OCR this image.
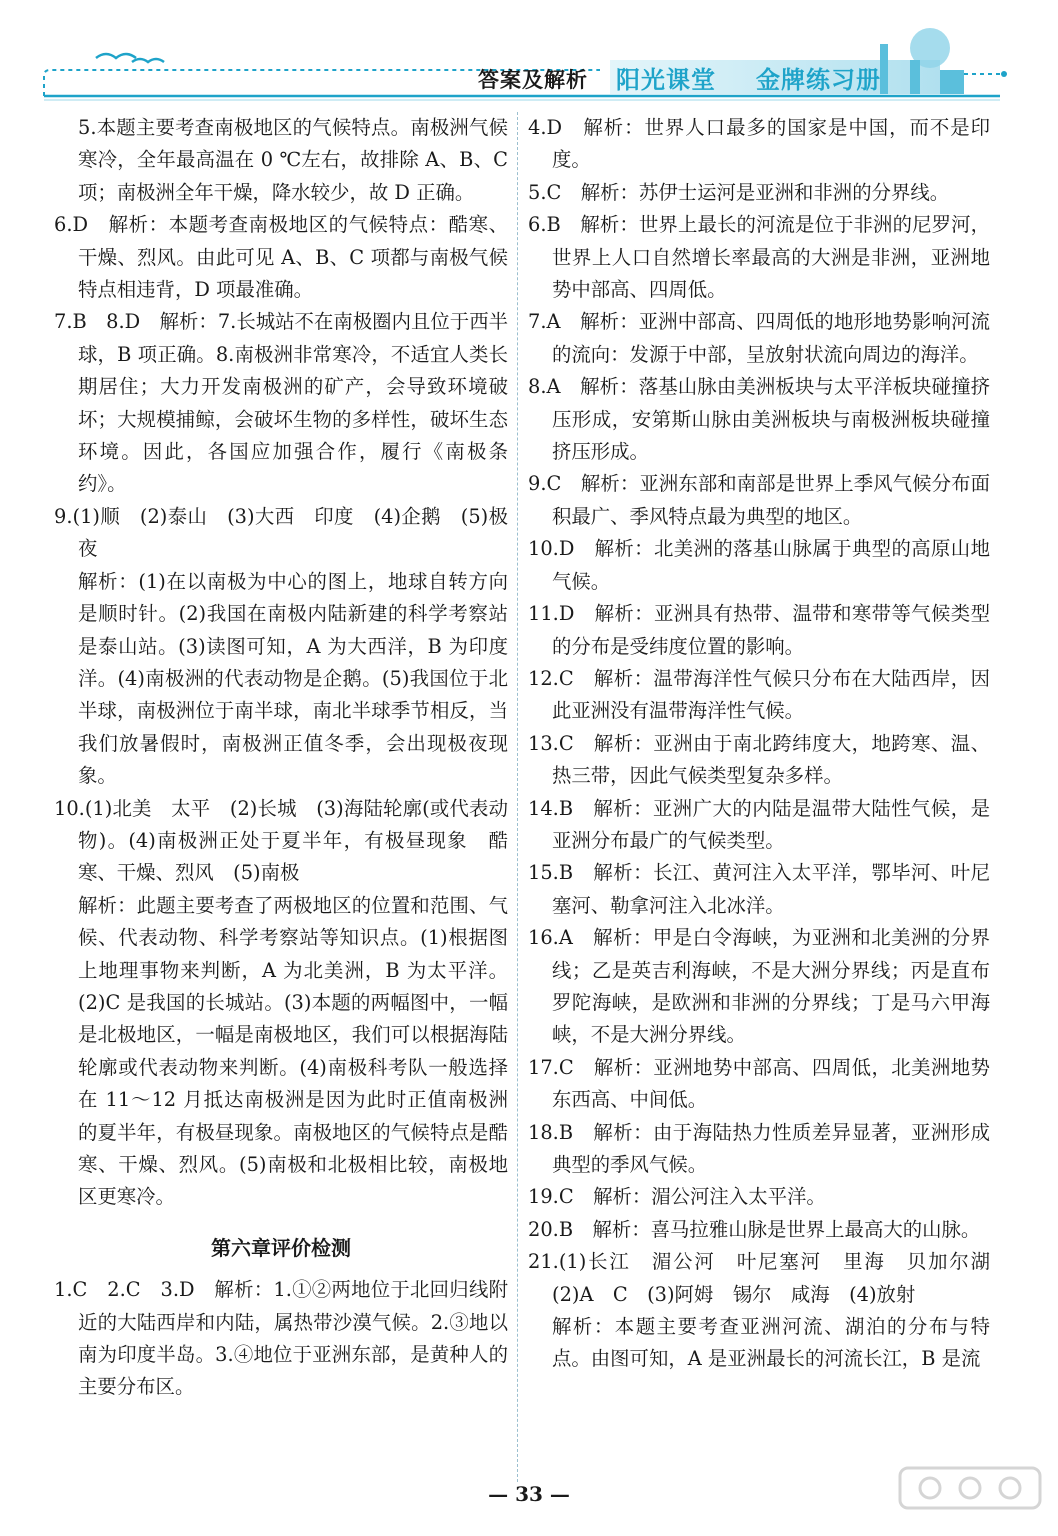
答案及解析 阳光课堂 金牌练习册

5.本题主要考查南极地区的气候特点。南极洲气候寒冷，全年最高温在 0 ℃左右，故排除 A、B、C 项；南极洲全年干燥，降水较少，故 D 正确。

6.D　解析：本题考查南极地区的气候特点：酷寒、干燥、烈风。由此可见 A、B、C 项都与南极气候特点相违背，D 项最准确。

7.B　8.D　解析：7.长城站不在南极圈内且位于西半球，B 项正确。8.南极洲非常寒冷，不适宜人类长期居住；大力开发南极洲的矿产，会导致环境破坏；大规模捕鲸，会破坏生物的多样性，破坏生态环境。因此，各国应加强合作，履行《南极条约》。

9.(1)顺　(2)泰山　(3)大西　印度　(4)企鹅　(5)极夜

解析：(1)在以南极为中心的图上，地球自转方向是顺时针。(2)我国在南极内陆新建的科学考察站是泰山站。(3)读图可知，A 为大西洋，B 为印度洋。(4)南极洲的代表动物是企鹅。(5)我国位于北半球，南极洲位于南半球，南北半球季节相反，当我们放暑假时，南极洲正值冬季，会出现极夜现象。

10.(1)北美　太平　(2)长城　(3)海陆轮廓(或代表动物)。(4)南极洲正处于夏半年，有极昼现象　酷寒、干燥、烈风　(5)南极

解析：此题主要考查了两极地区的位置和范围、气候、代表动物、科学考察站等知识点。(1)根据图上地理事物来判断，A 为北美洲，B 为太平洋。(2)C 是我国的长城站。(3)本题的两幅图中，一幅是北极地区，一幅是南极地区，我们可以根据海陆轮廓或代表动物来判断。(4)南极科考队一般选择在 11～12 月抵达南极洲是因为此时正值南极洲的夏半年，有极昼现象。南极地区的气候特点是酷寒、干燥、烈风。(5)南极和北极相比较，南极地区更寒冷。

第六章评价检测

1.C　2.C　3.D　解析：1.①②两地位于北回归线附近的大陆西岸和内陆，属热带沙漠气候。2.③地以南为印度半岛。3.④地位于亚洲东部，是黄种人的主要分布区。

4.D　解析：世界人口最多的国家是中国，而不是印度。

5.C　解析：苏伊士运河是亚洲和非洲的分界线。

6.B　解析：世界上最长的河流是位于非洲的尼罗河，世界上人口自然增长率最高的大洲是非洲，亚洲地势中部高、四周低。

7.A　解析：亚洲中部高、四周低的地形地势影响河流的流向：发源于中部，呈放射状流向周边的海洋。

8.A　解析：落基山脉由美洲板块与太平洋板块碰撞挤压形成，安第斯山脉由美洲板块与南极洲板块碰撞挤压形成。

9.C　解析：亚洲东部和南部是世界上季风气候分布面积最广、季风特点最为典型的地区。

10.D　解析：北美洲的落基山脉属于典型的高原山地气候。

11.D　解析：亚洲具有热带、温带和寒带等气候类型的分布是受纬度位置的影响。

12.C　解析：温带海洋性气候只分布在大陆西岸，因此亚洲没有温带海洋性气候。

13.C　解析：亚洲由于南北跨纬度大，地跨寒、温、热三带，因此气候类型复杂多样。

14.B　解析：亚洲广大的内陆是温带大陆性气候，是亚洲分布最广的气候类型。

15.B　解析：长江、黄河注入太平洋，鄂毕河、叶尼塞河、勒拿河注入北冰洋。

16.A　解析：甲是白令海峡，为亚洲和北美洲的分界线；乙是英吉利海峡，不是大洲分界线；丙是直布罗陀海峡，是欧洲和非洲的分界线；丁是马六甲海峡，不是大洲分界线。

17.C　解析：亚洲地势中部高、四周低，北美洲地势东西高、中间低。

18.B　解析：由于海陆热力性质差异显著，亚洲形成典型的季风气候。

19.C　解析：湄公河注入太平洋。

20.B　解析：喜马拉雅山脉是世界上最高大的山脉。

21.(1)长江　湄公河　叶尼塞河　里海　贝加尔湖　(2)A　C　(3)阿姆　锡尔　咸海　(4)放射

解析：本题主要考查亚洲河流、湖泊的分布与特点。由图可知，A 是亚洲最长的河流长江，B 是流

— 33 —
